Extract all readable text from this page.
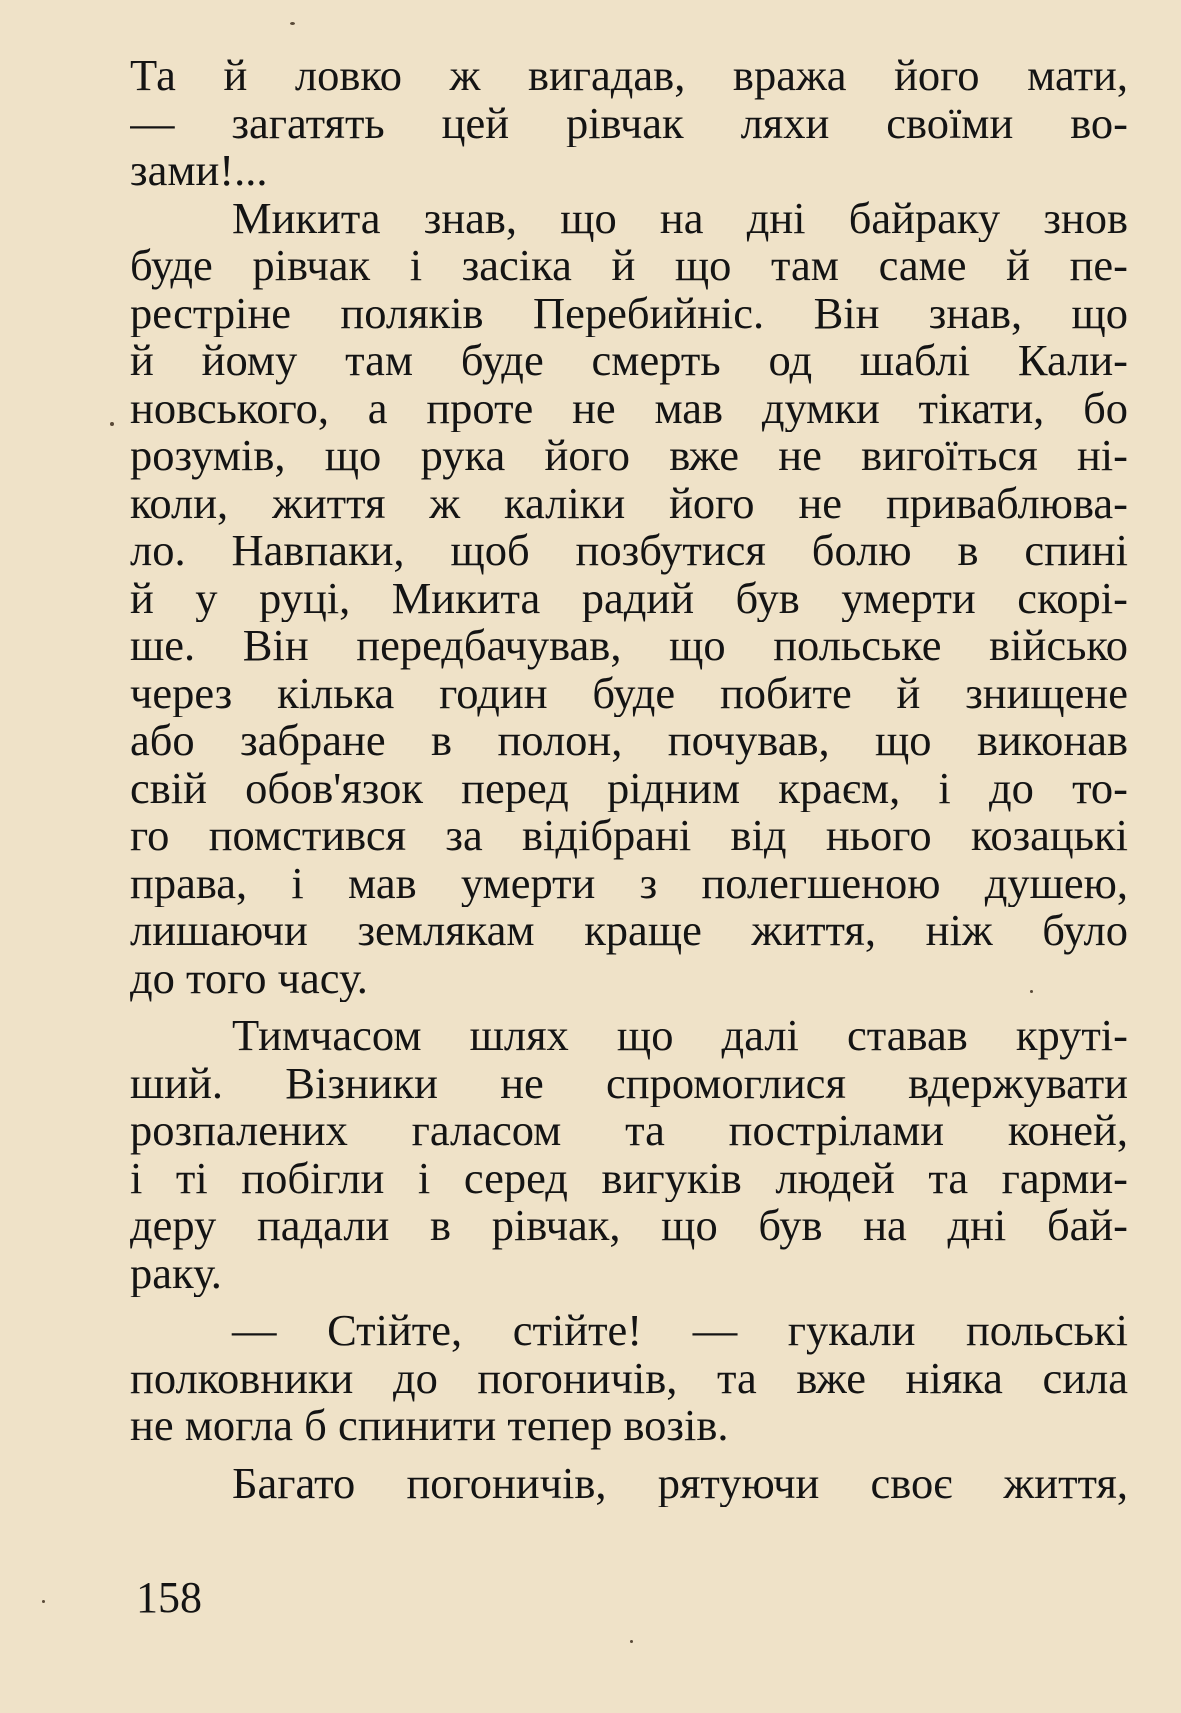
Та й ловко ж вигадав, вража його мати,
— загатять цей рівчак ляхи своїми во-
зами!...
Микита знав, що на дні байраку знов
буде рівчак і засіка й що там саме й пе-
рестріне поляків Перебийніс. Він знав, що
й йому там буде смерть од шаблі Кали-
новського, а проте не мав думки тікати, бо
розумів, що рука його вже не вигоїться ні-
коли, життя ж каліки його не приваблюва-
ло. Навпаки, щоб позбутися болю в спині
й у руці, Микита радий був умерти скорі-
ше. Він передбачував, що польське військо
через кілька годин буде побите й знищене
або забране в полон, почував, що виконав
свій обов'язок перед рідним краєм, і до то-
го помстився за відібрані від нього козацькі
права, і мав умерти з полегшеною душею,
лишаючи землякам краще життя, ніж було
до того часу.
Тимчасом шлях що далі ставав круті-
ший. Візники не спромоглися вдержувати
розпалених галасом та пострілами коней,
і ті побігли і серед вигуків людей та гарми-
деру падали в рівчак, що був на дні бай-
раку.
— Стійте, стійте! — гукали польські
полковники до погоничів, та вже ніяка сила
не могла б спинити тепер возів.
Багато погоничів, рятуючи своє життя,
158
